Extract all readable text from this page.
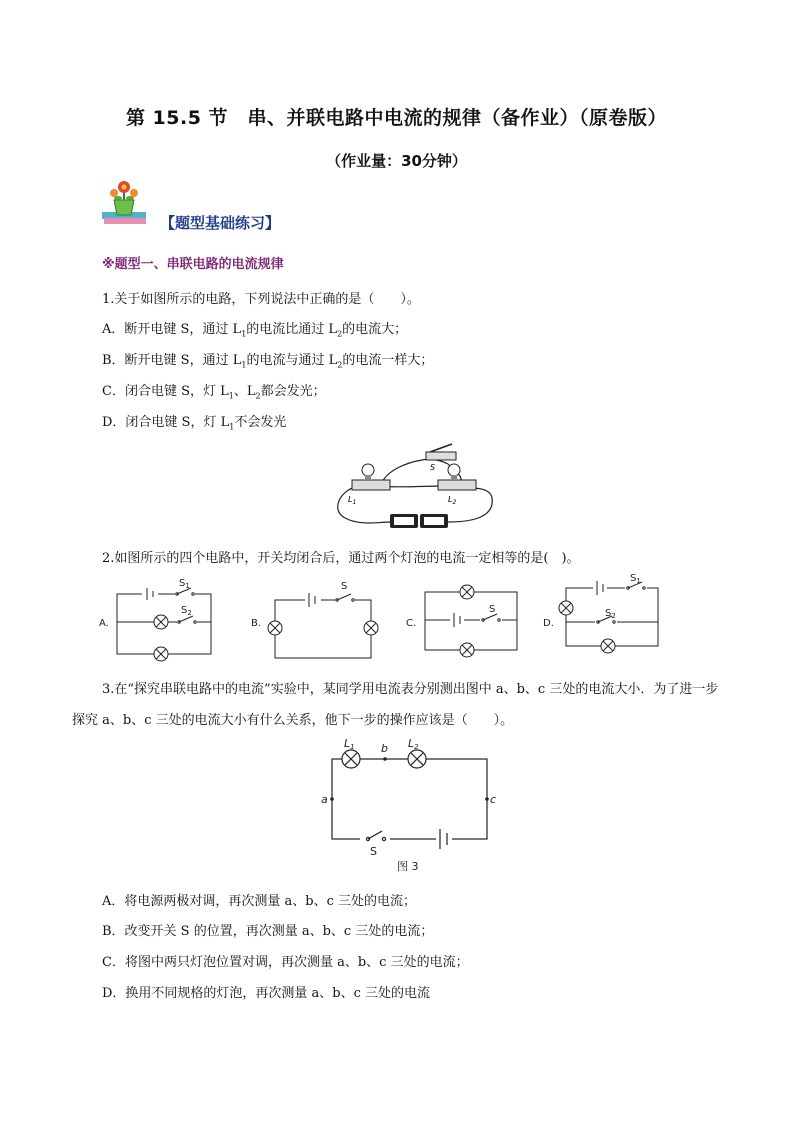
第 15.5 节　串、并联电路中电流的规律（备作业）（原卷版）
（作业量：30分钟）
【题型基础练习】
※题型一、串联电路的电流规律
1.关于如图所示的电路，下列说法中正确的是（　　）。
A．断开电键 S，通过 $L_1$的电流比通过 $L_2$的电流大；
B．断开电键 S，通过 $L_1$的电流与通过 $L_2$的电流一样大；
C．闭合电键 S，灯 $L_1$、$L_2$都会发光；
D．闭合电键 S，灯 $L_1$不会发光
$L_1$	$L_2$
S
2.如图所示的四个电路中，开关均闭合后，通过两个灯泡的电流一定相等的是(　)。
A.	B.	C.	D.
$S_1$
$S_2$
S
S
$S_1$
$S_2$
3.在“探究串联电路中的电流”实验中，某同学用电流表分别测出图中 a、b、c 三处的电流大小．为了进一步探究 a、b、c 三处的电流大小有什么关系，他下一步的操作应该是（　　）。
L1	L2
b
a	c
S
图 3
A．将电源两极对调，再次测量 a、b、c 三处的电流；
B．改变开关 S 的位置，再次测量 a、b、c 三处的电流；
C．将图中两只灯泡位置对调，再次测量 a、b、c 三处的电流；
D．换用不同规格的灯泡，再次测量 a、b、c 三处的电流
